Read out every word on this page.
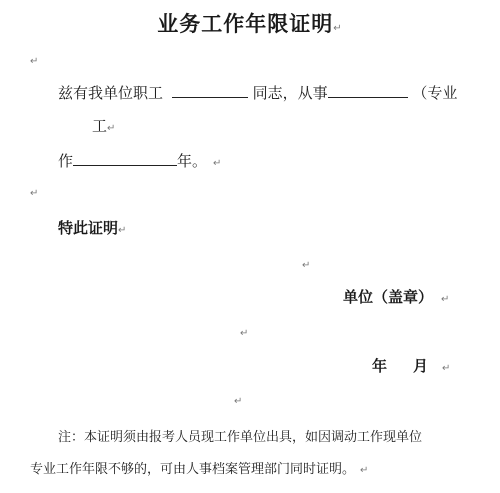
业务工作年限证明↵
↵
兹有我单位职工	同志，从事	（专业
工↵
作	年。 ↵
↵
特此证明↵
↵
单位（盖章） ↵
↵
年 月 ↵
↵
注：本证明须由报考人员现工作单位出具，如因调动工作现单位
专业工作年限不够的，可由人事档案管理部门同时证明。 ↵
